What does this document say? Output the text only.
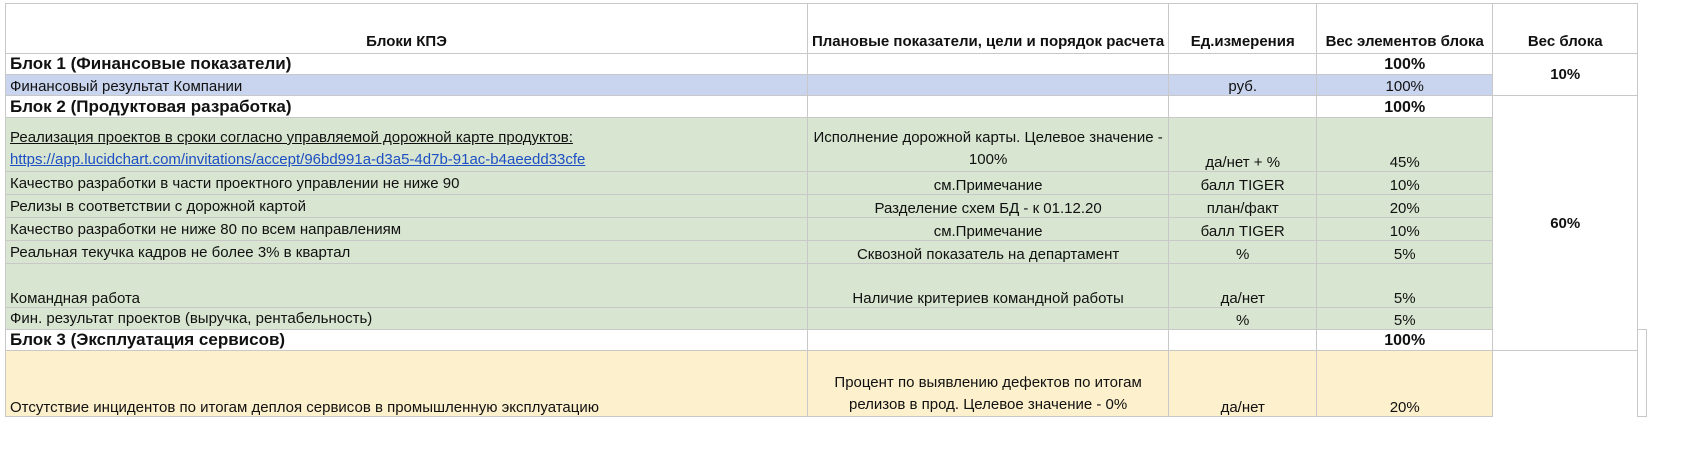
Блоки КПЭ	Плановые показатели, цели и порядок расчета	Ед.измерения	Вес элементов блока	Вес блока	
Блок 1 (Финансовые показатели)			100%	10%	
Финансовый результат Компании		руб.	100%		
Блок 2 (Продуктовая разработка)			100%	60%	
Реализация проектов в сроки согласно управляемой дорожной карте продуктов:
https://app.lucidchart.com/invitations/accept/96bd991a-d3a5-4d7b-91ac-b4aeedd33cfe	Исполнение дорожной карты. Целевое значение - 100%	да/нет + %	45%		
Качество разработки в части проектного управлении не ниже 90	см.Примечание	балл TIGER	10%		
Релизы в соответствии с дорожной картой	Разделение схем БД - к 01.12.20	план/факт	20%		
Качество разработки не ниже 80 по всем направлениям	см.Примечание	балл TIGER	10%		
Реальная текучка кадров не более 3% в квартал	Сквозной показатель на департамент	%	5%		
Командная работа	Наличие критериев командной работы	да/нет	5%		
Фин. результат проектов (выручка, рентабельность)		%	5%		
Блок 3 (Эксплуатация сервисов)			100%		
Отсутствие инцидентов по итогам деплоя сервисов в промышленную эксплуатацию	Процент по выявлению дефектов по итогам релизов в прод. Целевое значение - 0%	да/нет	20%		
